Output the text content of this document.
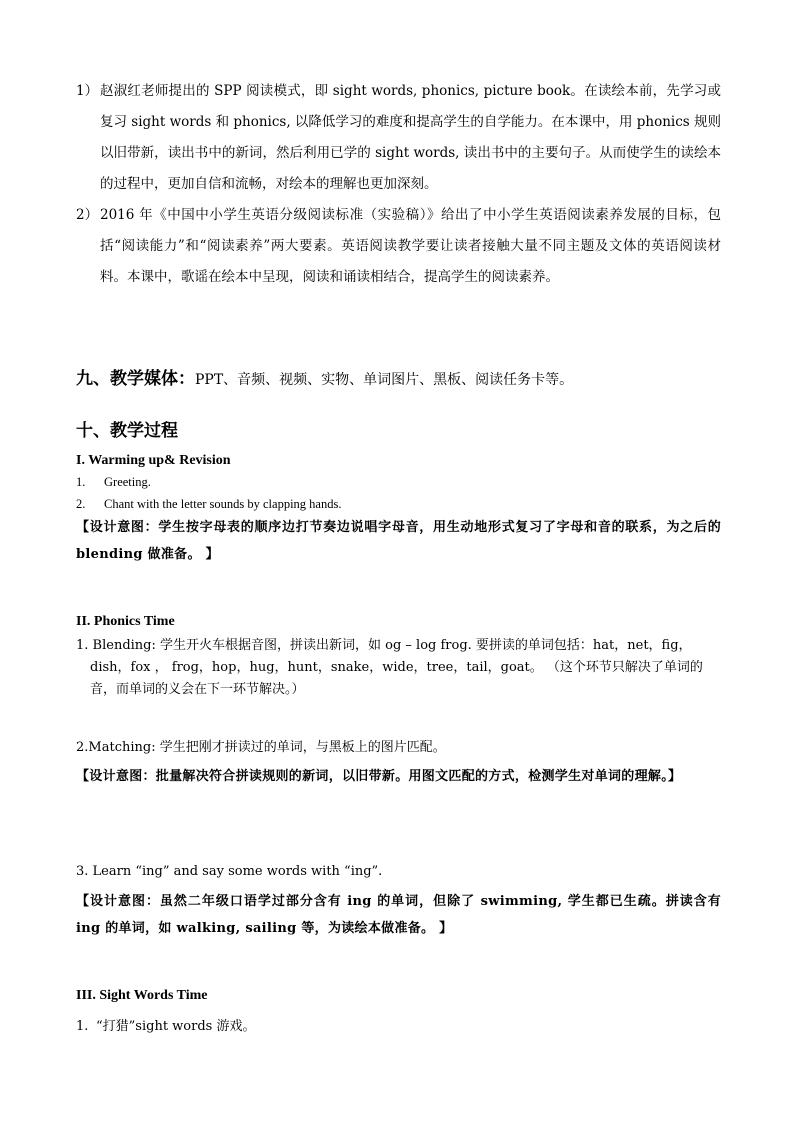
1） 赵淑红老师提出的 SPP 阅读模式，即 sight words, phonics, picture book。在读绘本前，先学习或复习 sight words 和 phonics, 以降低学习的难度和提高学生的自学能力。在本课中，用 phonics 规则以旧带新，读出书中的新词，然后利用已学的 sight words, 读出书中的主要句子。从而使学生的读绘本的过程中，更加自信和流畅，对绘本的理解也更加深刻。
2） 2016 年《中国中小学生英语分级阅读标准（实验稿）》给出了中小学生英语阅读素养发展的目标，包括“阅读能力”和“阅读素养”两大要素。英语阅读教学要让读者接触大量不同主题及文体的英语阅读材料。本课中，歌谣在绘本中呈现，阅读和诵读相结合，提高学生的阅读素养。
九、教学媒体：PPT、音频、视频、实物、单词图片、黑板、阅读任务卡等。
十、教学过程
I. Warming up& Revision
1. Greeting.
2. Chant with the letter sounds by clapping hands.
【设计意图：学生按字母表的顺序边打节奏边说唱字母音，用生动地形式复习了字母和音的联系，为之后的 blending 做准备。 】
II. Phonics Time
1. Blending: 学生开火车根据音图，拼读出新词，如 og – log frog. 要拼读的单词包括：hat，net，fig，dish，fox ， frog，hop，hug，hunt，snake，wide，tree，tail，goat。 （这个环节只解决了单词的音，而单词的义会在下一环节解决。）
2.Matching: 学生把刚才拼读过的单词，与黑板上的图片匹配。
【设计意图：批量解决符合拼读规则的新词，以旧带新。用图文匹配的方式，检测学生对单词的理解。】
3. Learn “ing” and say some words with “ing”.
【设计意图：虽然二年级口语学过部分含有 ing 的单词，但除了 swimming, 学生都已生疏。拼读含有 ing 的单词，如 walking, sailing 等，为读绘本做准备。 】
III. Sight Words Time
1. “打猎”sight words 游戏。
